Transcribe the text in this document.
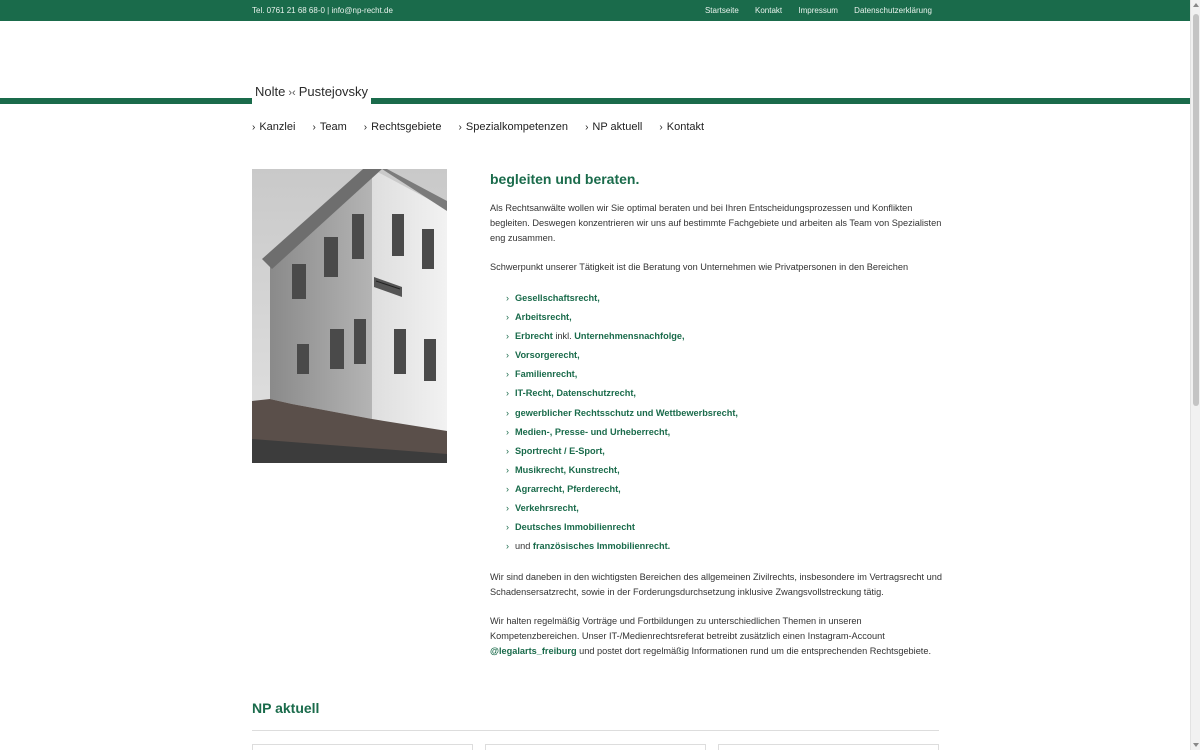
Tel. 0761 21 68 68-0 | info@np-recht.de	Startseite Kontakt Impressum Datenschutzerklärung
Nolte ›‹ Pustejovsky
› Kanzlei › Team › Rechtsgebiete › Spezialkompetenzen › NP aktuell › Kontakt
begleiten und beraten.

Als Rechtsanwälte wollen wir Sie optimal beraten und bei Ihren Entscheidungsprozessen und Konflikten begleiten. Deswegen konzentrieren wir uns auf bestimmte Fachgebiete und arbeiten als Team von Spezialisten eng zusammen.

Schwerpunkt unserer Tätigkeit ist die Beratung von Unternehmen wie Privatpersonen in den Bereichen

› Gesellschaftsrecht,
› Arbeitsrecht,
› Erbrecht inkl. Unternehmensnachfolge,
› Vorsorgerecht,
› Familienrecht,
› IT-Recht, Datenschutzrecht,
› gewerblicher Rechtsschutz und Wettbewerbsrecht,
› Medien-, Presse- und Urheberrecht,
› Sportrecht / E-Sport,
› Musikrecht, Kunstrecht,
› Agrarrecht, Pferderecht,
› Verkehrsrecht,
› Deutsches Immobilienrecht
› und französisches Immobilienrecht.

Wir sind daneben in den wichtigsten Bereichen des allgemeinen Zivilrechts, insbesondere im Vertragsrecht und Schadensersatzrecht, sowie in der Forderungsdurchsetzung inklusive Zwangsvollstreckung tätig.

Wir halten regelmäßig Vorträge und Fortbildungen zu unterschiedlichen Themen in unseren Kompetenzbereichen. Unser IT-/Medienrechtsreferat betreibt zusätzlich einen Instagram-Account
@legalarts_freiburg und postet dort regelmäßig Informationen rund um die entsprechenden Rechtsgebiete.

NP aktuell
